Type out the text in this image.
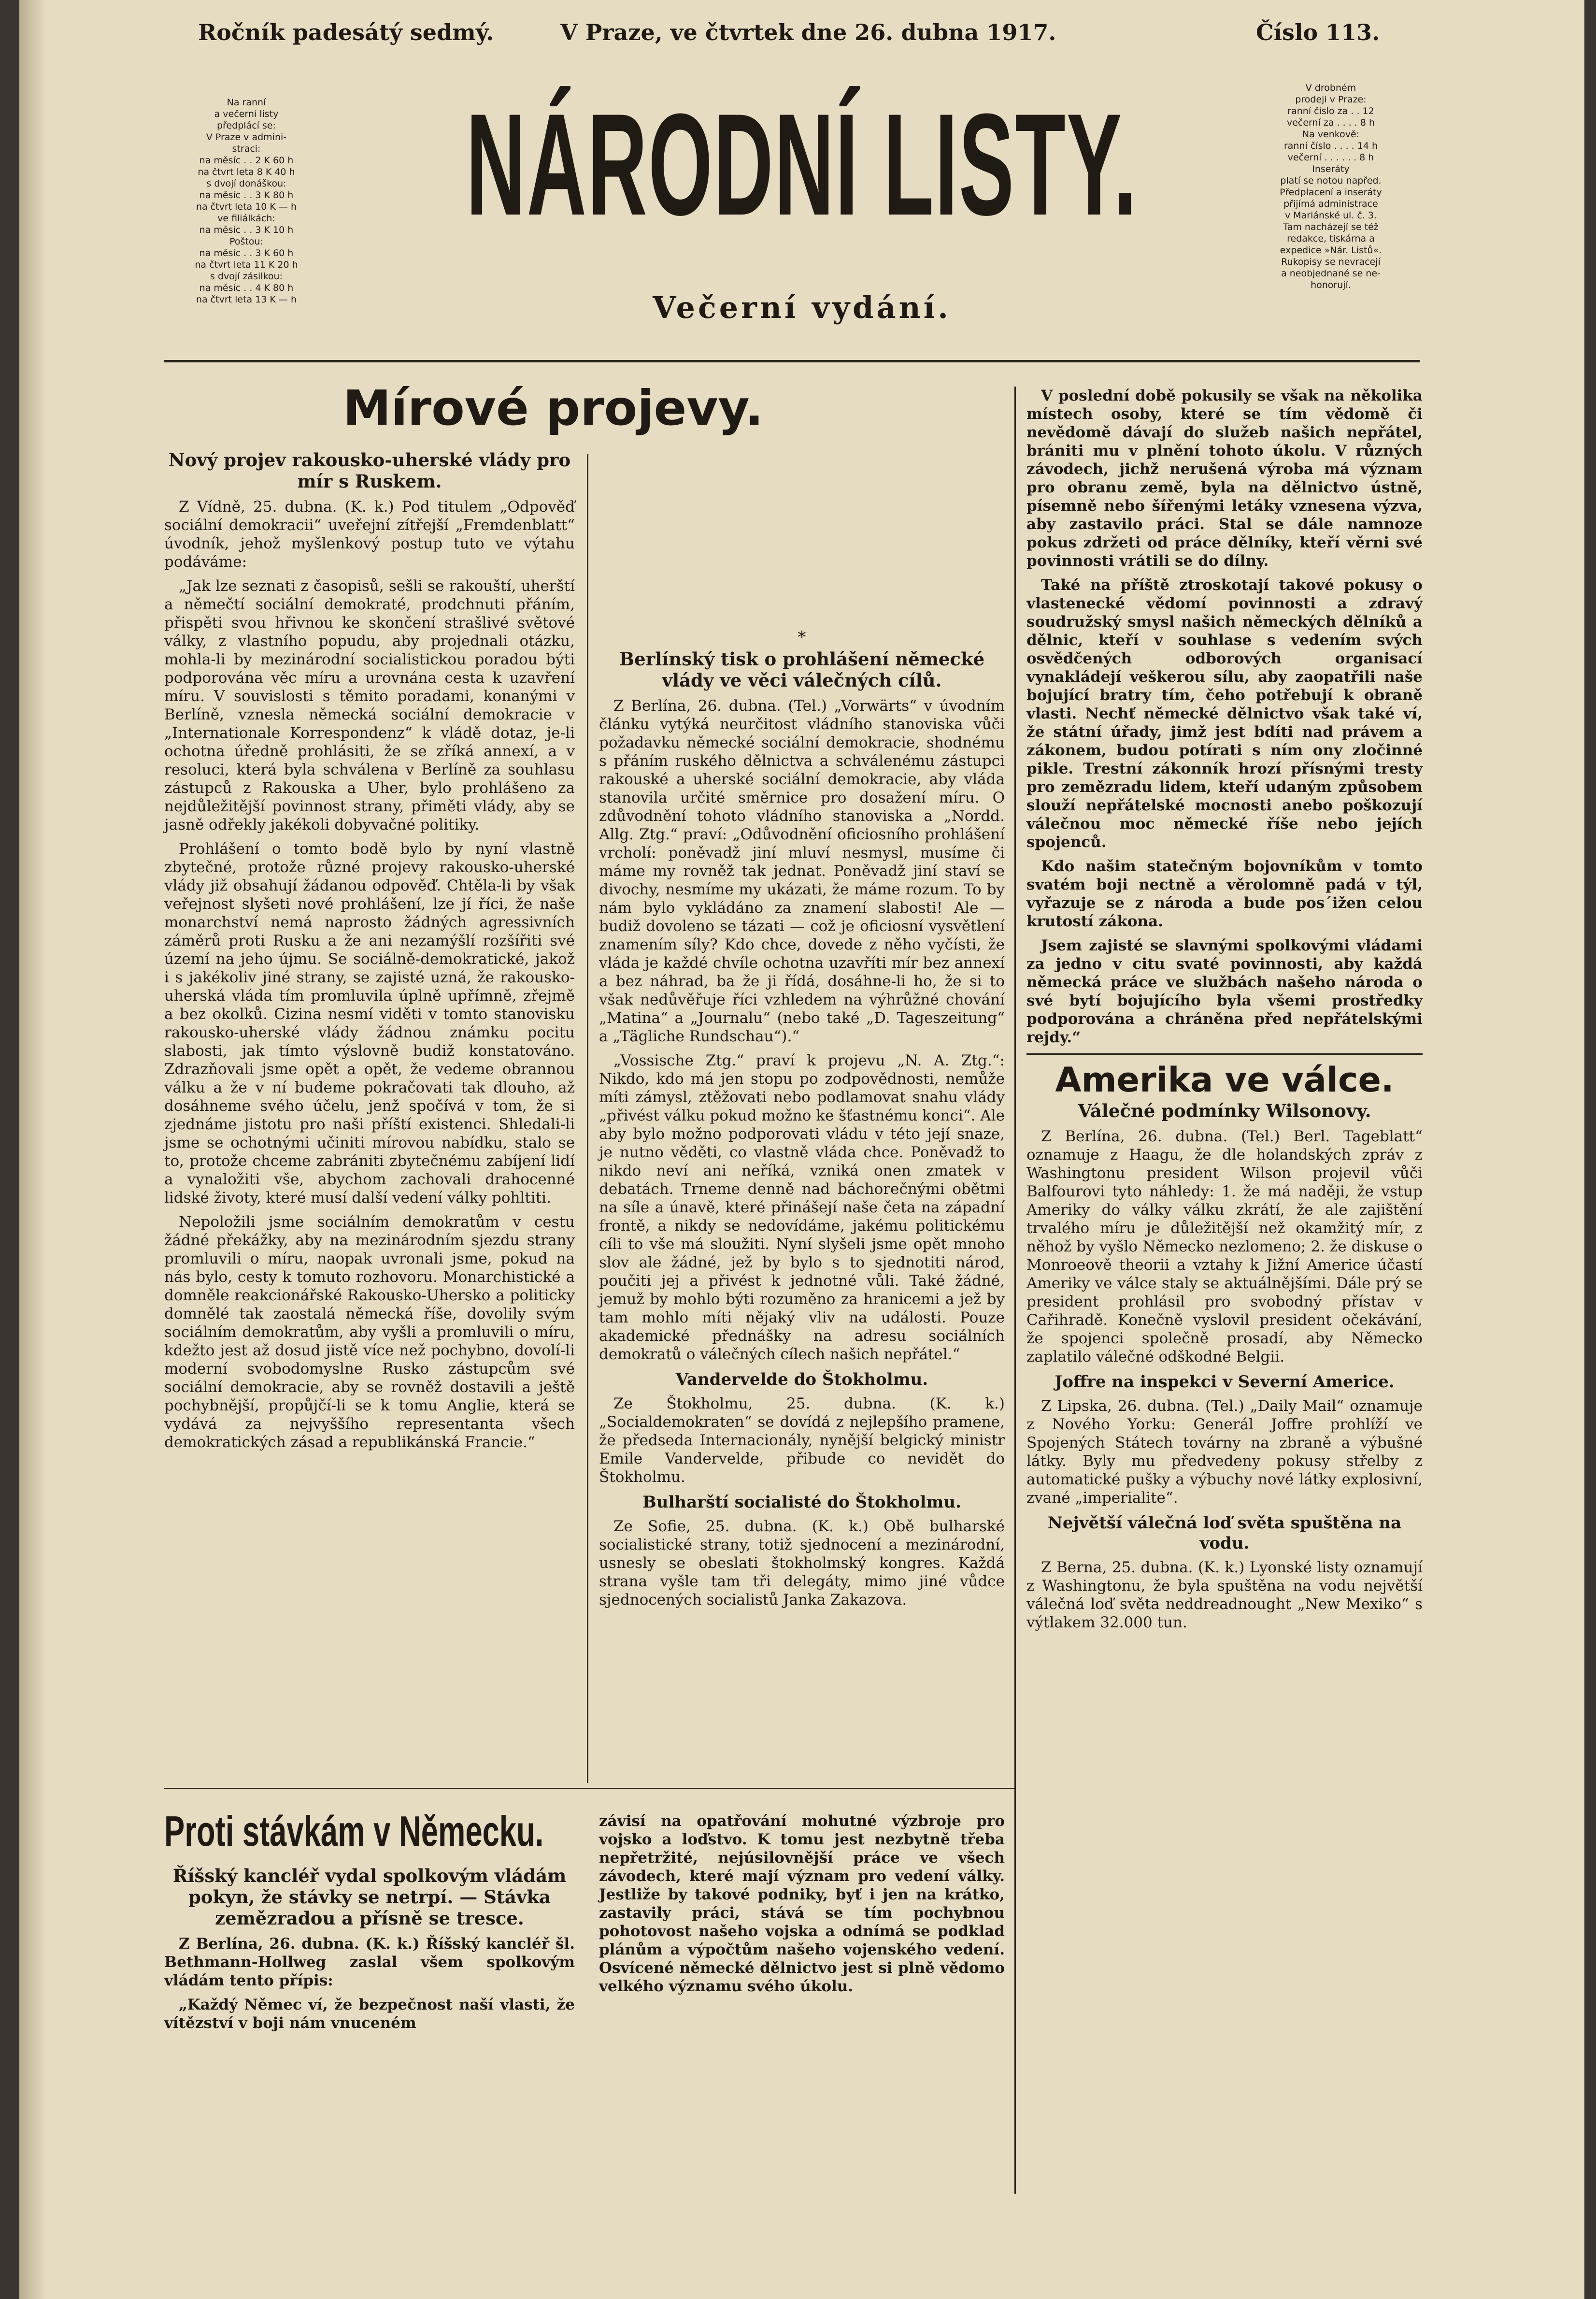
Ročník padesátý sedmý.	V Praze, ve čtvrtek dne 26. dubna 1917.	Číslo 113.
Na ranní
a večerní listy
předplácí se:
V Praze v admini-
straci:
na měsíc . . 2 K 60 h
na čtvrt leta 8 K 40 h
s dvojí donáškou:
na měsíc . . 3 K 80 h
na čtvrt leta 10 K — h
ve filiálkách:
na měsíc . . 3 K 10 h
Poštou:
na měsíc . . 3 K 60 h
na čtvrt leta 11 K 20 h
s dvojí zásilkou:
na měsíc . . 4 K 80 h
na čtvrt leta 13 K — h
V drobném
prodeji v Praze:
ranní číslo za . . 12
večerní za . . . . 8 h
Na venkově:
ranní číslo . . . . 14 h
večerní . . . . . . 8 h
Inseráty
platí se notou napřed.
Předplacení a inseráty
přijímá administrace
v Mariánské ul. č. 3.
Tam nacházejí se též
redakce, tiskárna a
expedice »Nár. Listů«.
Rukopisy se nevracejí
a neobjednané se ne-
honorují.
NÁRODNÍ LISTY.
Večerní vydání.
Mírové projevy.
Nový projev rakousko-uherské vlády pro mír s Ruskem.

Z Vídně, 25. dubna. (K. k.) Pod titulem „Odpověď sociální demokracii“ uveřejní zítřejší „Fremdenblatt“ úvodník, jehož myšlenkový postup tuto ve výtahu podáváme:

„Jak lze seznati z časopisů, sešli se rakouští, uherští a němečtí sociální demokraté, prodchnuti přáním, přispěti svou hřivnou ke skončení strašlivé světové války, z vlastního popudu, aby projednali otázku, mohla-li by mezinárodní socialistickou poradou býti podporována věc míru a urovnána cesta k uzavření míru. V souvislosti s těmito poradami, konanými v Berlíně, vznesla německá sociální demokracie v „Internationale Korrespondenz“ k vládě dotaz, je-li ochotna úředně prohlásiti, že se zříká annexí, a v resoluci, která byla schválena v Berlíně za souhlasu zástupců z Rakouska a Uher, bylo prohlášeno za nejdůležitější povinnost strany, přiměti vlády, aby se jasně odřekly jakékoli dobyvačné politiky.

Prohlášení o tomto bodě bylo by nyní vlastně zbytečné, protože různé projevy rakousko-uherské vlády již obsahují žádanou odpověď. Chtěla-li by však veřejnost slyšeti nové prohlášení, lze jí říci, že naše monarchství nemá naprosto žádných agressivních záměrů proti Rusku a že ani nezamýšlí rozšířiti své území na jeho újmu. Se sociálně-demokratické, jakož i s jakékoliv jiné strany, se zajisté uzná, že rakousko-uherská vláda tím promluvila úplně upřímně, zřejmě a bez okolků. Cizina nesmí viděti v tomto stanovisku rakousko-uherské vlády žádnou známku pocitu slabosti, jak tímto výslovně budiž konstatováno. Zdrazňovali jsme opět a opět, že vedeme obrannou válku a že v ní budeme pokračovati tak dlouho, až dosáhneme svého účelu, jenž spočívá v tom, že si zjednáme jistotu pro naši příští existenci. Shledali-li jsme se ochotnými učiniti mírovou nabídku, stalo se to, protože chceme zabrániti zbytečnému zabíjení lidí a vynaložiti vše, abychom zachovali drahocenné lidské životy, které musí další vedení války pohltiti.

Nepoložili jsme sociálním demokratům v cestu žádné překážky, aby na mezinárodním sjezdu strany promluvili o míru, naopak uvronali jsme, pokud na nás bylo, cesty k tomuto rozhovoru. Monarchistické a domněle reakcionářské Rakousko-Uhersko a politicky domnělé tak zaostalá německá říše, dovolily svým sociálním demokratům, aby vyšli a promluvili o míru, kdežto jest až dosud jistě více než pochybno, dovolí-li moderní svobodomyslne Rusko zástupcům své sociální demokracie, aby se rovněž dostavili a ještě pochybnější, propůjčí-li se k tomu Anglie, která se vydává za nejvyššího representanta všech demokratických zásad a republikánská Francie.“

*
Berlínský tisk o prohlášení německé vlády ve věci válečných cílů.

Z Berlína, 26. dubna. (Tel.) „Vorwärts“ v úvodním článku vytýká neurčitost vládního stanoviska vůči požadavku německé sociální demokracie, shodnému s přáním ruského dělnictva a schválenému zástupci rakouské a uherské sociální demokracie, aby vláda stanovila určité směrnice pro dosažení míru. O zdůvodnění tohoto vládního stanoviska a „Nordd. Allg. Ztg.“ praví: „Odůvodnění oficiosního prohlášení vrcholí: poněvadž jiní mluví nesmysl, musíme či máme my rovněž tak jednat. Poněvadž jiní staví se divochy, nesmíme my ukázati, že máme rozum. To by nám bylo vykládáno za znamení slabosti! Ale — budiž dovoleno se tázati — což je oficiosní vysvětlení znamením síly? Kdo chce, dovede z něho vyčísti, že vláda je každé chvíle ochotna uzavříti mír bez annexí a bez náhrad, ba že ji řídá, dosáhne-li ho, že si to však nedůvěřuje říci vzhledem na výhrůžné chování „Matina“ a „Journalu“ (nebo také „D. Tageszeitung“ a „Tägliche Rundschau“).“

„Vossische Ztg.“ praví k projevu „N. A. Ztg.“: Nikdo, kdo má jen stopu po zodpovědnosti, nemůže míti zámysl, ztěžovati nebo podlamovat snahu vlády „přivést válku pokud možno ke šťastnému konci“. Ale aby bylo možno podporovati vládu v této její snaze, je nutno věděti, co vlastně vláda chce. Poněvadž to nikdo neví ani neříká, vzniká onen zmatek v debatách. Trneme denně nad báchorečnými obětmi na síle a únavě, které přinášejí naše četa na západní frontě, a nikdy se nedovídáme, jakému politickému cíli to vše má sloužiti. Nyní slyšeli jsme opět mnoho slov ale žádné, jež by bylo s to sjednotiti národ, poučiti jej a přivést k jednotné vůli. Také žádné, jemuž by mohlo býti rozuměno za hranicemi a jež by tam mohlo míti nějaký vliv na události. Pouze akademické přednášky na adresu sociálních demokratů o válečných cílech našich nepřátel.“

Vandervelde do Štokholmu.

Ze Štokholmu, 25. dubna. (K. k.) „Socialdemokraten“ se dovídá z nejlepšího pramene, že předseda Internacionály, nynější belgický ministr Emile Vandervelde, přibude co nevidět do Štokholmu.

Bulharští socialisté do Štokholmu.

Ze Sofie, 25. dubna. (K. k.) Obě bulharské socialistické strany, totiž sjednocení a mezinárodní, usnesly se obeslati štokholmský kongres. Každá strana vyšle tam tři delegáty, mimo jiné vůdce sjednocených socialistů Janka Zakazova.

V poslední době pokusily se však na několika místech osoby, které se tím vědomě či nevědomě dávají do služeb našich nepřátel, brániti mu v plnění tohoto úkolu. V různých závodech, jichž nerušená výroba má význam pro obranu země, byla na dělnictvo ústně, písemně nebo šířenými letáky vznesena výzva, aby zastavilo práci. Stal se dále namnoze pokus zdržeti od práce dělníky, kteří věrni své povinnosti vrátili se do dílny.

Také na příště ztroskotají takové pokusy o vlastenecké vědomí povinnosti a zdravý soudružský smysl našich německých dělníků a dělnic, kteří v souhlase s vedením svých osvědčených odborových organisací vynakládejí veškerou sílu, aby zaopatřili naše bojující bratry tím, čeho potřebují k obraně vlasti. Nechť německé dělnictvo však také ví, že státní úřady, jimž jest bdíti nad právem a zákonem, budou potírati s ním ony zločinné pikle. Trestní zákonník hrozí přísnými tresty pro zemězradu lidem, kteří udaným způsobem slouží nepřátelské mocnosti anebo poškozují válečnou moc německé říše nebo jejích spojenců.

Kdo našim statečným bojovníkům v tomto svatém boji nectně a věrolomně padá v týl, vyřazuje se z národa a bude pos´ižen celou krutostí zákona.

Jsem zajisté se slavnými spolkovými vládami za jedno v citu svaté povinnosti, aby každá německá práce ve službách našeho národa o své bytí bojujícího byla všemi prostředky podporována a chráněna před nepřátelskými rejdy.“

Amerika ve válce.
Válečné podmínky Wilsonovy.

Z Berlína, 26. dubna. (Tel.) Berl. Tageblatt“ oznamuje z Haagu, že dle holandských zpráv z Washingtonu president Wilson projevil vůči Balfourovi tyto náhledy: 1. že má naději, že vstup Ameriky do války válku zkrátí, že ale zajištění trvalého míru je důležitější než okamžitý mír, z něhož by vyšlo Německo nezlomeno; 2. že diskuse o Monroeově theorii a vztahy k Jižní Americe účastí Ameriky ve válce staly se aktuálnějšími. Dále prý se president prohlásil pro svobodný přístav v Cařihradě. Konečně vyslovil president očekávání, že spojenci společně prosadí, aby Německo zaplatilo válečné odškodné Belgii.

Joffre na inspekci v Severní Americe.

Z Lipska, 26. dubna. (Tel.) „Daily Mail“ oznamuje z Nového Yorku: Generál Joffre prohlíží ve Spojených Státech továrny na zbraně a výbušné látky. Byly mu předvedeny pokusy střelby z automatické pušky a výbuchy nové látky explosivní, zvané „imperialite“.

Největší válečná loď světa spuštěna na vodu.

Z Berna, 25. dubna. (K. k.) Lyonské listy oznamují z Washingtonu, že byla spuštěna na vodu největší válečná loď světa neddreadnought „New Mexiko“ s výtlakem 32.000 tun.

Proti stávkám v Německu.
Říšský kancléř vydal spolkovým vládám pokyn, že stávky se netrpí. — Stávka zemězradou a přísně se tresce.

Z Berlína, 26. dubna. (K. k.) Říšský kancléř šl. Bethmann-Hollweg zaslal všem spolkovým vládám tento přípis:

„Každý Němec ví, že bezpečnost naší vlasti, že vítězství v boji nám vnuceném

závisí na opatřování mohutné výzbroje pro vojsko a loďstvo. K tomu jest nezbytně třeba nepřetržité, nejúsilovnější práce ve všech závodech, které mají význam pro vedení války. Jestliže by takové podniky, byť i jen na krátko, zastavily práci, stává se tím pochybnou pohotovost našeho vojska a odnímá se podklad plánům a výpočtům našeho vojenského vedení. Osvícené německé dělnictvo jest si plně vědomo velkého významu svého úkolu.
